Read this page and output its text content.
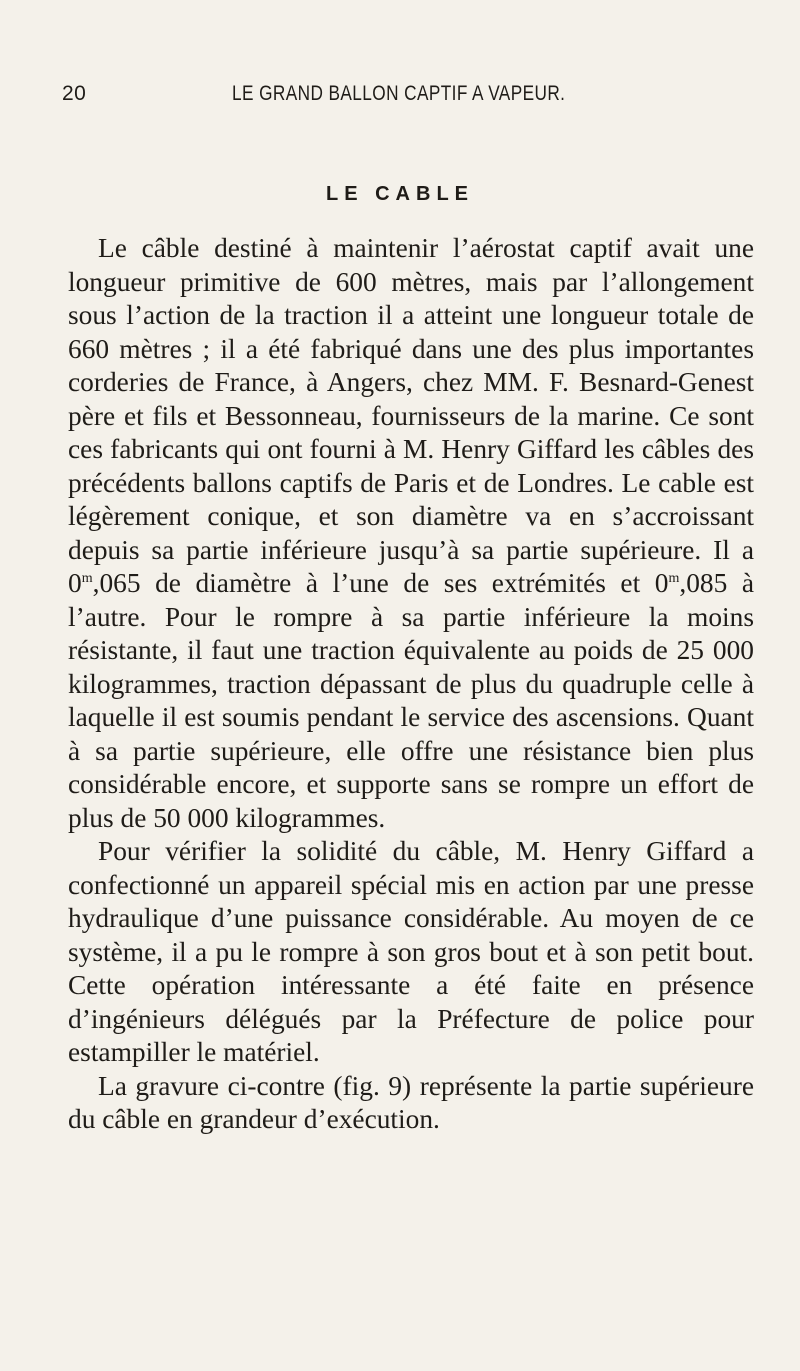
20	LE GRAND BALLON CAPTIF A VAPEUR.
LE CABLE

Le câble destiné à maintenir l’aérostat captif avait une longueur primitive de 600 mètres, mais par l’allongement sous l’action de la traction il a atteint une longueur totale de 660 mètres ; il a été fabriqué dans une des plus importantes corderies de France, à Angers, chez MM. F. Besnard-Genest père et fils et Bessonneau, fournisseurs de la marine. Ce sont ces fabricants qui ont fourni à M. Henry Giffard les câbles des précédents ballons captifs de Paris et de Londres. Le cable est légèrement conique, et son diamètre va en s’accroissant depuis sa partie inférieure jusqu’à sa partie supérieure. Il a 0$^m$,065 de diamètre à l’une de ses extrémités et 0$^m$,085 à l’autre. Pour le rompre à sa partie inférieure la moins résistante, il faut une traction équivalente au poids de 25 000 kilogrammes, traction dépassant de plus du quadruple celle à laquelle il est soumis pendant le service des ascensions. Quant à sa partie supérieure, elle offre une résistance bien plus considérable encore, et supporte sans se rompre un effort de plus de 50 000 kilogrammes.

Pour vérifier la solidité du câble, M. Henry Giffard a confectionné un appareil spécial mis en action par une presse hydraulique d’une puissance considérable. Au moyen de ce système, il a pu le rompre à son gros bout et à son petit bout. Cette opération intéressante a été faite en présence d’ingénieurs délégués par la Préfecture de police pour estampiller le matériel.

La gravure ci-contre (fig. 9) représente la partie supérieure du câble en grandeur d’exécution.
